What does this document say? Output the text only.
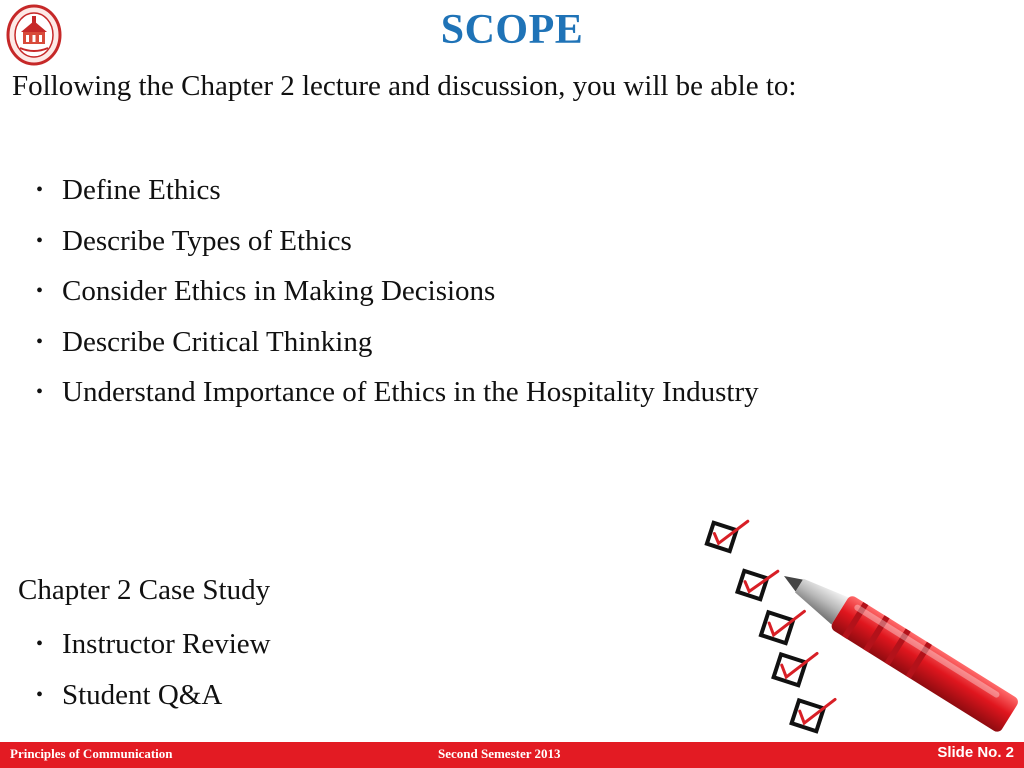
SCOPE
Following the Chapter 2 lecture and discussion, you will be able to:
• Define Ethics
• Describe Types of Ethics
• Consider Ethics in Making Decisions
• Describe Critical Thinking
• Understand Importance of Ethics in the Hospitality Industry
Chapter 2 Case Study
• Instructor Review
• Student Q&A
Principles of Communication	Second Semester 2013	Slide No. 2
